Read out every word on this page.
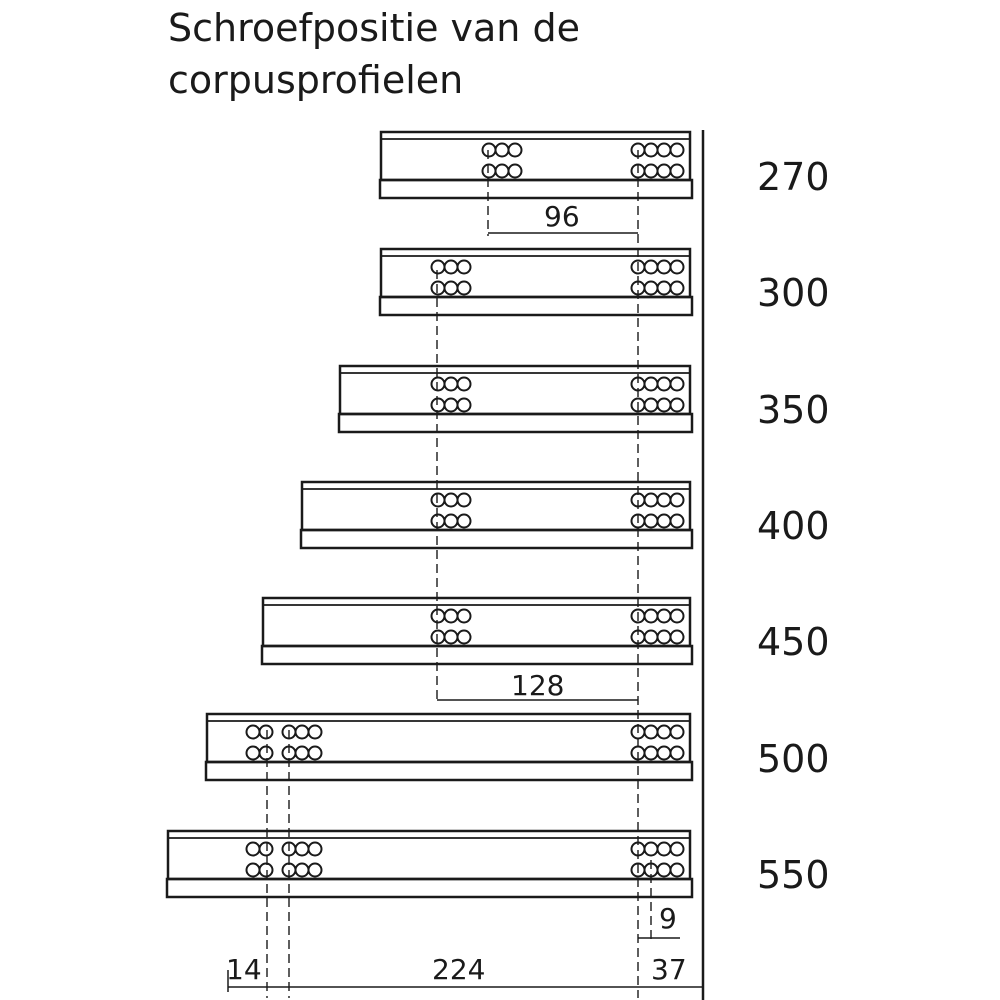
Schroefpositie van de
corpusprofielen
270
300
350
400
450
500
550
96
128
9
14	224	37
